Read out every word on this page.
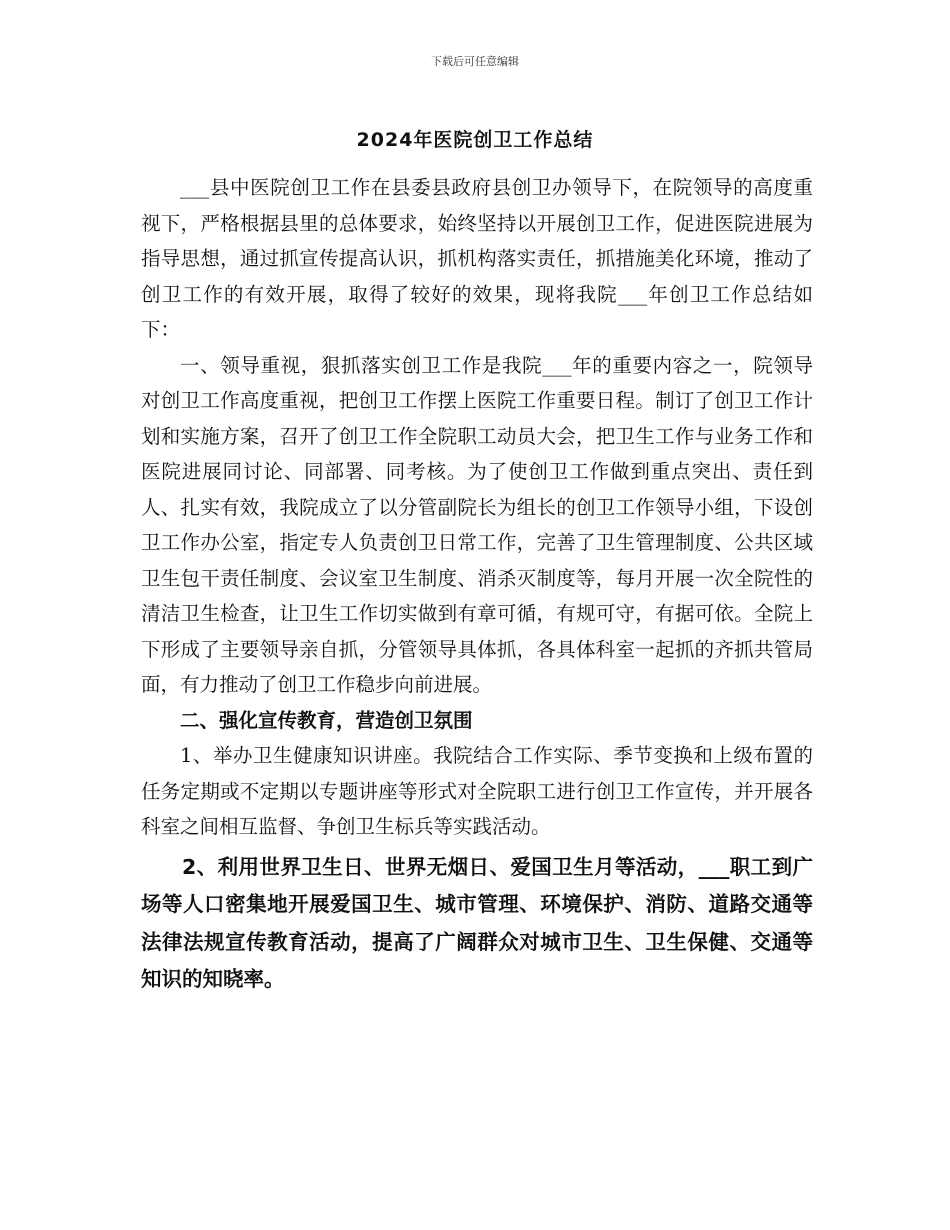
下载后可任意编辑
2024年医院创卫工作总结

___县中医院创卫工作在县委县政府县创卫办领导下，在院领导的高度重视下，严格根据县里的总体要求，始终坚持以开展创卫工作，促进医院进展为指导思想，通过抓宣传提高认识，抓机构落实责任，抓措施美化环境，推动了创卫工作的有效开展，取得了较好的效果，现将我院___年创卫工作总结如下：

一、领导重视，狠抓落实创卫工作是我院___年的重要内容之一，院领导对创卫工作高度重视，把创卫工作摆上医院工作重要日程。制订了创卫工作计划和实施方案，召开了创卫工作全院职工动员大会，把卫生工作与业务工作和医院进展同讨论、同部署、同考核。为了使创卫工作做到重点突出、责任到人、扎实有效，我院成立了以分管副院长为组长的创卫工作领导小组，下设创卫工作办公室，指定专人负责创卫日常工作，完善了卫生管理制度、公共区域卫生包干责任制度、会议室卫生制度、消杀灭制度等，每月开展一次全院性的清洁卫生检查，让卫生工作切实做到有章可循，有规可守，有据可依。全院上下形成了主要领导亲自抓，分管领导具体抓，各具体科室一起抓的齐抓共管局面，有力推动了创卫工作稳步向前进展。

二、强化宣传教育，营造创卫氛围

1、举办卫生健康知识讲座。我院结合工作实际、季节变换和上级布置的任务定期或不定期以专题讲座等形式对全院职工进行创卫工作宣传，并开展各科室之间相互监督、争创卫生标兵等实践活动。

2、利用世界卫生日、世界无烟日、爱国卫生月等活动，___职工到广场等人口密集地开展爱国卫生、城市管理、环境保护、消防、道路交通等法律法规宣传教育活动，提高了广阔群众对城市卫生、卫生保健、交通等知识的知晓率。
